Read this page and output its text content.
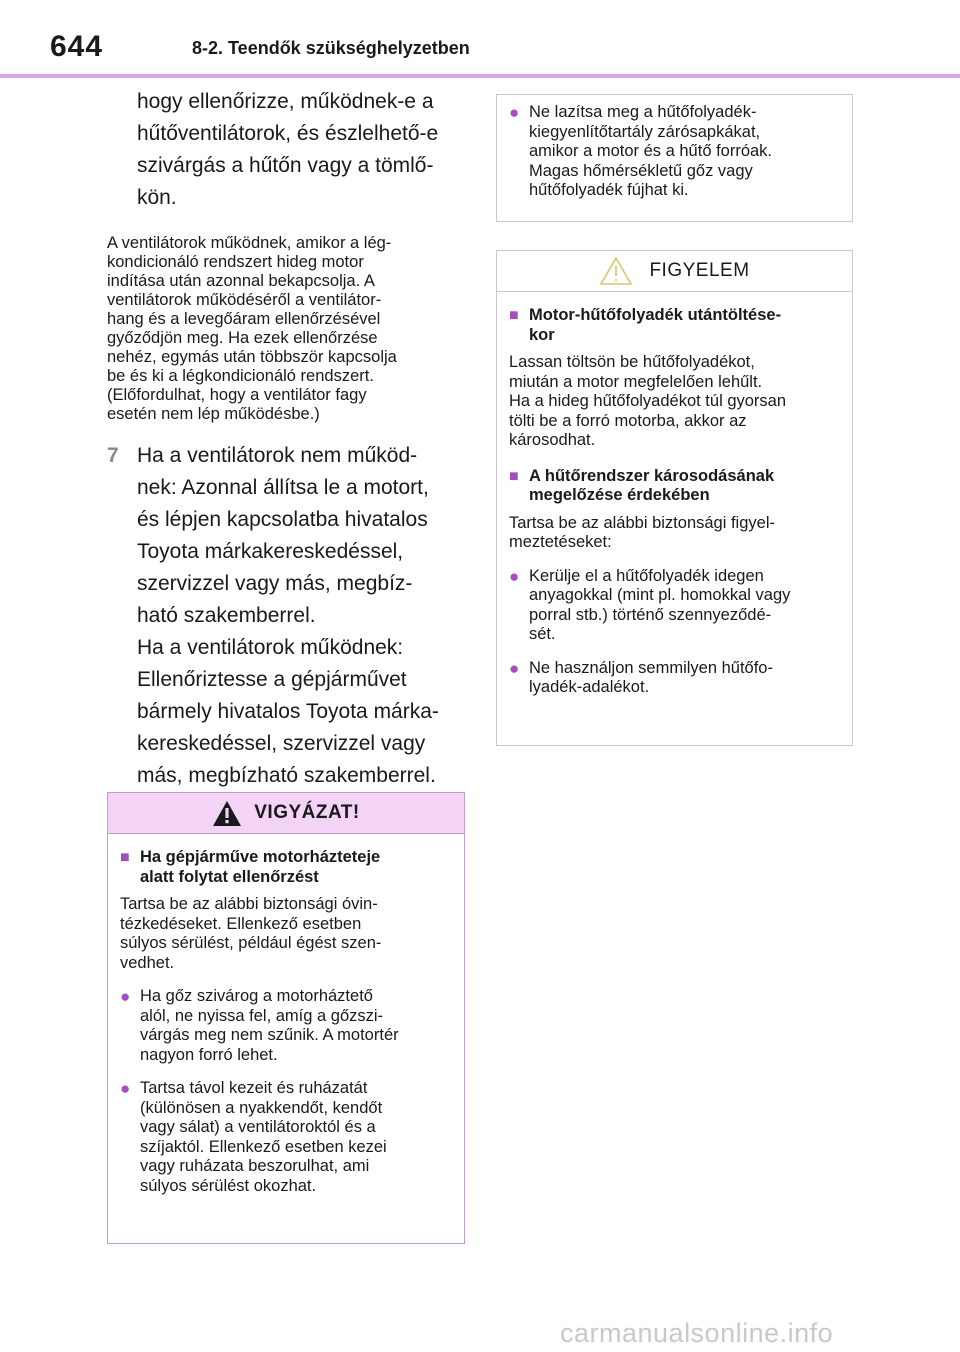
644	8-2. Teendők szükséghelyzetben

hogy ellenőrizze, működnek-e a

hűtőventilátorok, és észlelhető-e

szivárgás a hűtőn vagy a tömlő-

kön.

A ventilátorok működnek, amikor a lég-
kondicionáló rendszert hideg motor
indítása után azonnal bekapcsolja. A
ventilátorok működéséről a ventilátor-
hang és a levegőáram ellenőrzésével
győződjön meg. Ha ezek ellenőrzése
nehéz, egymás után többször kapcsolja
be és ki a légkondicionáló rendszert.
(Előfordulhat, hogy a ventilátor fagy
esetén nem lép működésbe.)
7 Ha a ventilátorok nem működ-

nek: Azonnal állítsa le a motort,

és lépjen kapcsolatba hivatalos

Toyota márkakereskedéssel,

szervizzel vagy más, megbíz-

ható szakemberrel.

Ha a ventilátorok működnek:

Ellenőriztesse a gépjárművet

bármely hivatalos Toyota márka-

kereskedéssel, szervizzel vagy

más, megbízható szakemberrel.

VIGYÁZAT!
■ Ha gépjárműve motorházteteje
alatt folytat ellenőrzést
Tartsa be az alábbi biztonsági óvin-
tézkedéseket. Ellenkező esetben
súlyos sérülést, például égést szen-
vedhet.
● Ha gőz szivárog a motorháztető
alól, ne nyissa fel, amíg a gőzszi-
várgás meg nem szűnik. A motortér
nagyon forró lehet.
● Tartsa távol kezeit és ruházatát
(különösen a nyakkendőt, kendőt
vagy sálat) a ventilátoroktól és a
szíjaktól. Ellenkező esetben kezei
vagy ruházata beszorulhat, ami
súlyos sérülést okozhat.
● Ne lazítsa meg a hűtőfolyadék-
kiegyenlítőtartály zárósapkákat,
amikor a motor és a hűtő forróak.
Magas hőmérsékletű gőz vagy
hűtőfolyadék fújhat ki.
FIGYELEM
■ Motor-hűtőfolyadék utántöltése-
kor
Lassan töltsön be hűtőfolyadékot,
miután a motor megfelelően lehűlt.
Ha a hideg hűtőfolyadékot túl gyorsan
tölti be a forró motorba, akkor az
károsodhat.
■ A hűtőrendszer károsodásának
megelőzése érdekében
Tartsa be az alábbi biztonsági figyel-
meztetéseket:
● Kerülje el a hűtőfolyadék idegen
anyagokkal (mint pl. homokkal vagy
porral stb.) történő szennyeződé-
sét.
● Ne használjon semmilyen hűtőfo-
lyadék-adalékot.
carmanualsonline.info
